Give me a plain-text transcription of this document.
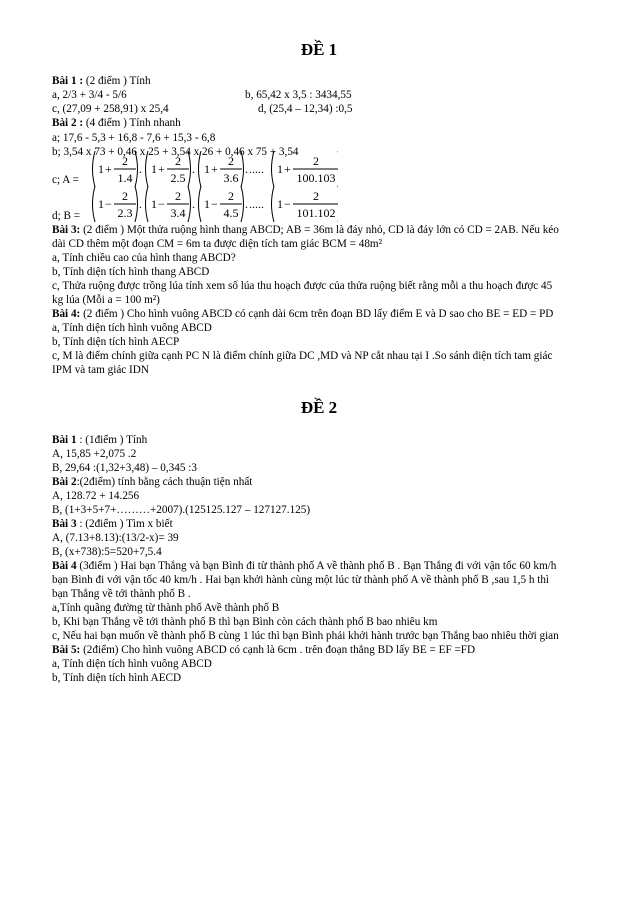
ĐỀ 1
Bài 1 : (2 điểm ) Tính
a, 2/3 + 3/4 - 5/6	b, 65,42 x 3,5 : 3434,55
c, (27,09 + 258,91) x 25,4	d, (25,4 – 12,34) :0,5
Bài 2 : (4 điểm ) Tính nhanh
a; 17,6 - 5,3 + 16,8 - 7,6 + 15,3 - 6,8
b; 3,54 x 73 + 0,46 x 25 + 3,54 x 26 + 0,46 x 75 + 3,54
c; A =
1 +
2
1.4
. 1 +
2
2.5
. 1 +
2
3.6
. ..... 1 +
2
100.103
d; B =
1 −
2
2.3
. 1 −
2
3.4
. 1 −
2
4.5
. ..... 1 −
2
101.102
Bài 3: (2 điểm ) Một thửa ruộng hình thang ABCD; AB = 36m là đáy nhỏ, CD là đáy lớn có CD = 2AB. Nếu kéo
dài CD thêm một đoạn CM = 6m ta được diện tích tam giác BCM = 48m²
a, Tính chiều cao của hình thang ABCD?
b, Tính diện tích hình thang ABCD
c, Thửa ruộng được trồng lúa tính xem số lúa thu hoạch được của thửa ruộng biết rằng mỗi a thu hoạch được 45
kg lúa (Mỗi a = 100 m²)
Bài 4: (2 điểm ) Cho hình vuông ABCD có cạnh dài 6cm trên đoạn BD lấy điểm E và D sao cho BE = ED = PD
a, Tính diện tích hình vuông ABCD
b, Tính diện tích hình AECP
c, M là điểm chính giữa cạnh PC N là điểm chính giữa DC ,MD và NP cắt nhau tại I .So sánh diện tích tam giác
IPM và tam giác IDN
ĐỀ 2
Bài 1 : (1điểm ) Tính
A, 15,85 +2,075 .2
B, 29,64 :(1,32+3,48) – 0,345 :3
Bài 2:(2điểm) tính bằng cách thuận tiện nhất
A, 128.72 + 14.256
B, (1+3+5+7+………+2007).(125125.127 – 127127.125)
Bài 3 : (2điểm ) Tìm x biết
A, (7.13+8.13):(13/2-x)= 39
B, (x+738):5=520+7,5.4
Bài 4 (3điểm ) Hai bạn Thắng và bạn Bình đi từ thành phố A về thành phố B . Bạn Thắng đi với vận tốc 60 km/h
bạn Bình đi với vận tốc 40 km/h . Hai bạn khởi hành cùng một lúc từ thành phố A về thành phố B ,sau 1,5 h thì
bạn Thắng về tới thành phố B .
a,Tính quãng đường từ thành phố Avề thành phố B
b, Khi bạn Thắng về tới thành phố B thì bạn Bình còn cách thành phố B bao nhiêu km
c, Nếu hai bạn muốn về thành phố B cùng 1 lúc thì bạn Bình phải khởi hành trước bạn Thắng bao nhiêu thời gian
Bài 5: (2điểm) Cho hình vuông ABCD có cạnh là 6cm . trên đoạn thẳng BD lấy BE = EF =FD
a, Tính diện tích hình vuông ABCD
b, Tính diện tích hình AECD
